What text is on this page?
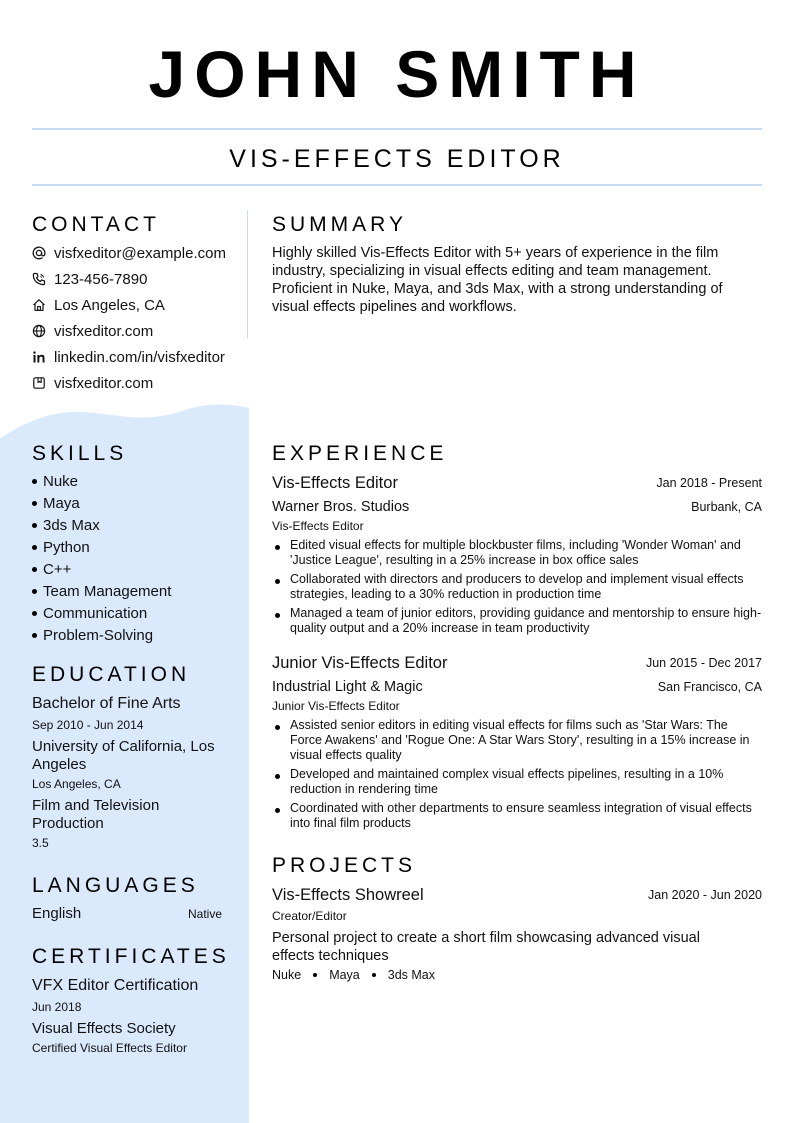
JOHN SMITH
VIS-EFFECTS EDITOR
CONTACT
visfxeditor@example.com
123-456-7890
Los Angeles, CA
visfxeditor.com
linkedin.com/in/visfxeditor
visfxeditor.com
SKILLS
Nuke
Maya
3ds Max
Python
C++
Team Management
Communication
Problem-Solving
EDUCATION
Bachelor of Fine Arts
Sep 2010 - Jun 2014
University of California, Los Angeles
Los Angeles, CA
Film and Television Production
3.5
LANGUAGES
English	Native
CERTIFICATES
VFX Editor Certification
Jun 2018
Visual Effects Society
Certified Visual Effects Editor
SUMMARY
Highly skilled Vis-Effects Editor with 5+ years of experience in the film industry, specializing in visual effects editing and team management. Proficient in Nuke, Maya, and 3ds Max, with a strong understanding of visual effects pipelines and workflows.
EXPERIENCE
Vis-Effects Editor	Jan 2018 - Present
Warner Bros. Studios	Burbank, CA
Vis-Effects Editor
Edited visual effects for multiple blockbuster films, including 'Wonder Woman' and 'Justice League', resulting in a 25% increase in box office sales
Collaborated with directors and producers to develop and implement visual effects strategies, leading to a 30% reduction in production time
Managed a team of junior editors, providing guidance and mentorship to ensure high-quality output and a 20% increase in team productivity
Junior Vis-Effects Editor	Jun 2015 - Dec 2017
Industrial Light & Magic	San Francisco, CA
Junior Vis-Effects Editor
Assisted senior editors in editing visual effects for films such as 'Star Wars: The Force Awakens' and 'Rogue One: A Star Wars Story', resulting in a 15% increase in visual effects quality
Developed and maintained complex visual effects pipelines, resulting in a 10% reduction in rendering time
Coordinated with other departments to ensure seamless integration of visual effects into final film products
PROJECTS
Vis-Effects Showreel	Jan 2020 - Jun 2020
Creator/Editor
Personal project to create a short film showcasing advanced visual effects techniques
Nuke Maya 3ds Max
